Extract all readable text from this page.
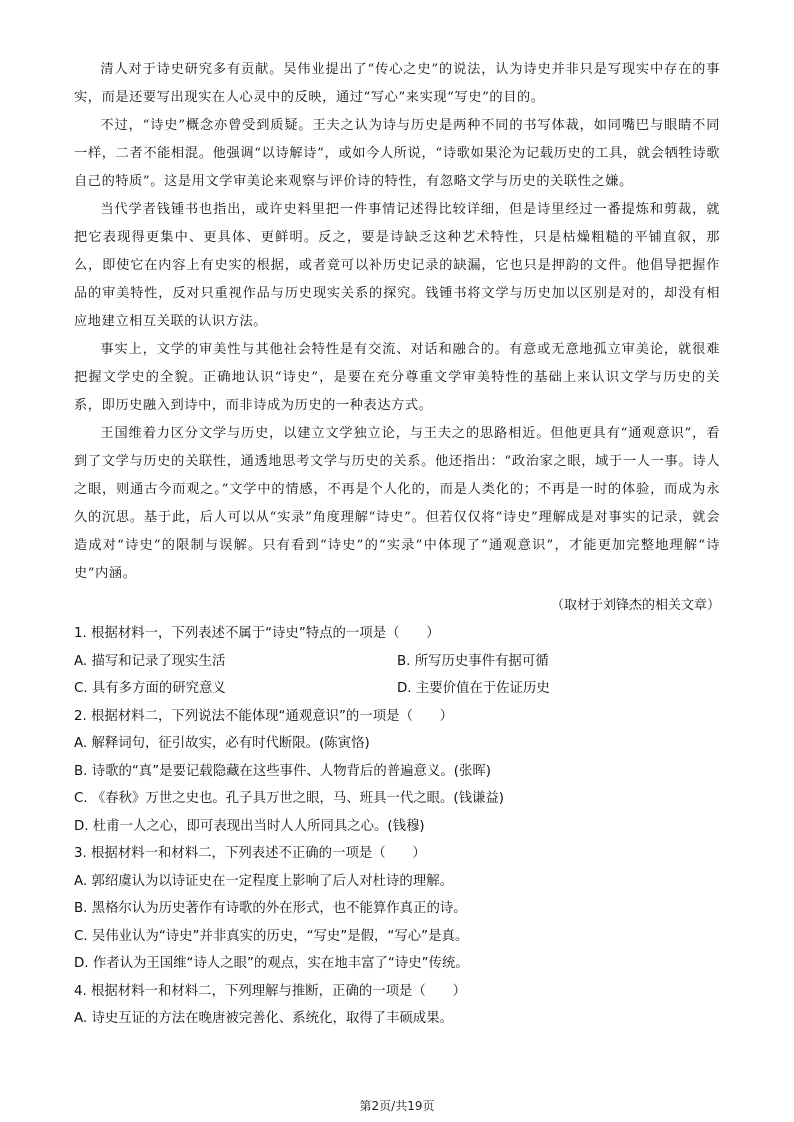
清人对于诗史研究多有贡献。吴伟业提出了“传心之史”的说法，认为诗史并非只是写现实中存在的事实，而是还要写出现实在人心灵中的反映，通过“写心”来实现“写史”的目的。

不过，“诗史”概念亦曾受到质疑。王夫之认为诗与历史是两种不同的书写体裁，如同嘴巴与眼睛不同一样，二者不能相混。他强调“以诗解诗”，或如今人所说，“诗歌如果沦为记载历史的工具，就会牺牲诗歌自己的特质”。这是用文学审美论来观察与评价诗的特性，有忽略文学与历史的关联性之嫌。

当代学者钱锺书也指出，或许史料里把一件事情记述得比较详细，但是诗里经过一番提炼和剪裁，就把它表现得更集中、更具体、更鲜明。反之，要是诗缺乏这种艺术特性，只是枯燥粗糙的平铺直叙，那么，即使它在内容上有史实的根据，或者竟可以补历史记录的缺漏，它也只是押韵的文件。他倡导把握作品的审美特性，反对只重视作品与历史现实关系的探究。钱锺书将文学与历史加以区别是对的，却没有相应地建立相互关联的认识方法。

事实上，文学的审美性与其他社会特性是有交流、对话和融合的。有意或无意地孤立审美论，就很难把握文学史的全貌。正确地认识“诗史”，是要在充分尊重文学审美特性的基础上来认识文学与历史的关系，即历史融入到诗中，而非诗成为历史的一种表达方式。

王国维着力区分文学与历史，以建立文学独立论，与王夫之的思路相近。但他更具有“通观意识”，看到了文学与历史的关联性，通透地思考文学与历史的关系。他还指出：“政治家之眼，域于一人一事。诗人之眼，则通古今而观之。”文学中的情感，不再是个人化的，而是人类化的；不再是一时的体验，而成为永久的沉思。基于此，后人可以从“实录”角度理解“诗史”。但若仅仅将“诗史”理解成是对事实的记录，就会造成对“诗史”的限制与误解。只有看到“诗史”的“实录”中体现了“通观意识”，才能更加完整地理解“诗史”内涵。

（取材于刘锋杰的相关文章）

1. 根据材料一，下列表述不属于“诗史”特点的一项是（　　）

A. 描写和记录了现实生活	B. 所写历史事件有据可循

C. 具有多方面的研究意义	D. 主要价值在于佐证历史

2. 根据材料二，下列说法不能体现“通观意识”的一项是（　　）

A. 解释词句，征引故实，必有时代断限。(陈寅恪)

B. 诗歌的“真”是要记载隐藏在这些事件、人物背后的普遍意义。(张晖)

C. 《春秋》万世之史也。孔子具万世之眼，马、班具一代之眼。(钱谦益)

D. 杜甫一人之心，即可表现出当时人人所同具之心。(钱穆)

3. 根据材料一和材料二，下列表述不正确的一项是（　　）

A. 郭绍虞认为以诗证史在一定程度上影响了后人对杜诗的理解。

B. 黑格尔认为历史著作有诗歌的外在形式，也不能算作真正的诗。

C. 吴伟业认为“诗史”并非真实的历史，“写史”是假，“写心”是真。

D. 作者认为王国维“诗人之眼”的观点，实在地丰富了“诗史”传统。

4. 根据材料一和材料二，下列理解与推断，正确的一项是（　　）

A. 诗史互证的方法在晚唐被完善化、系统化，取得了丰硕成果。

第2页/共19页
